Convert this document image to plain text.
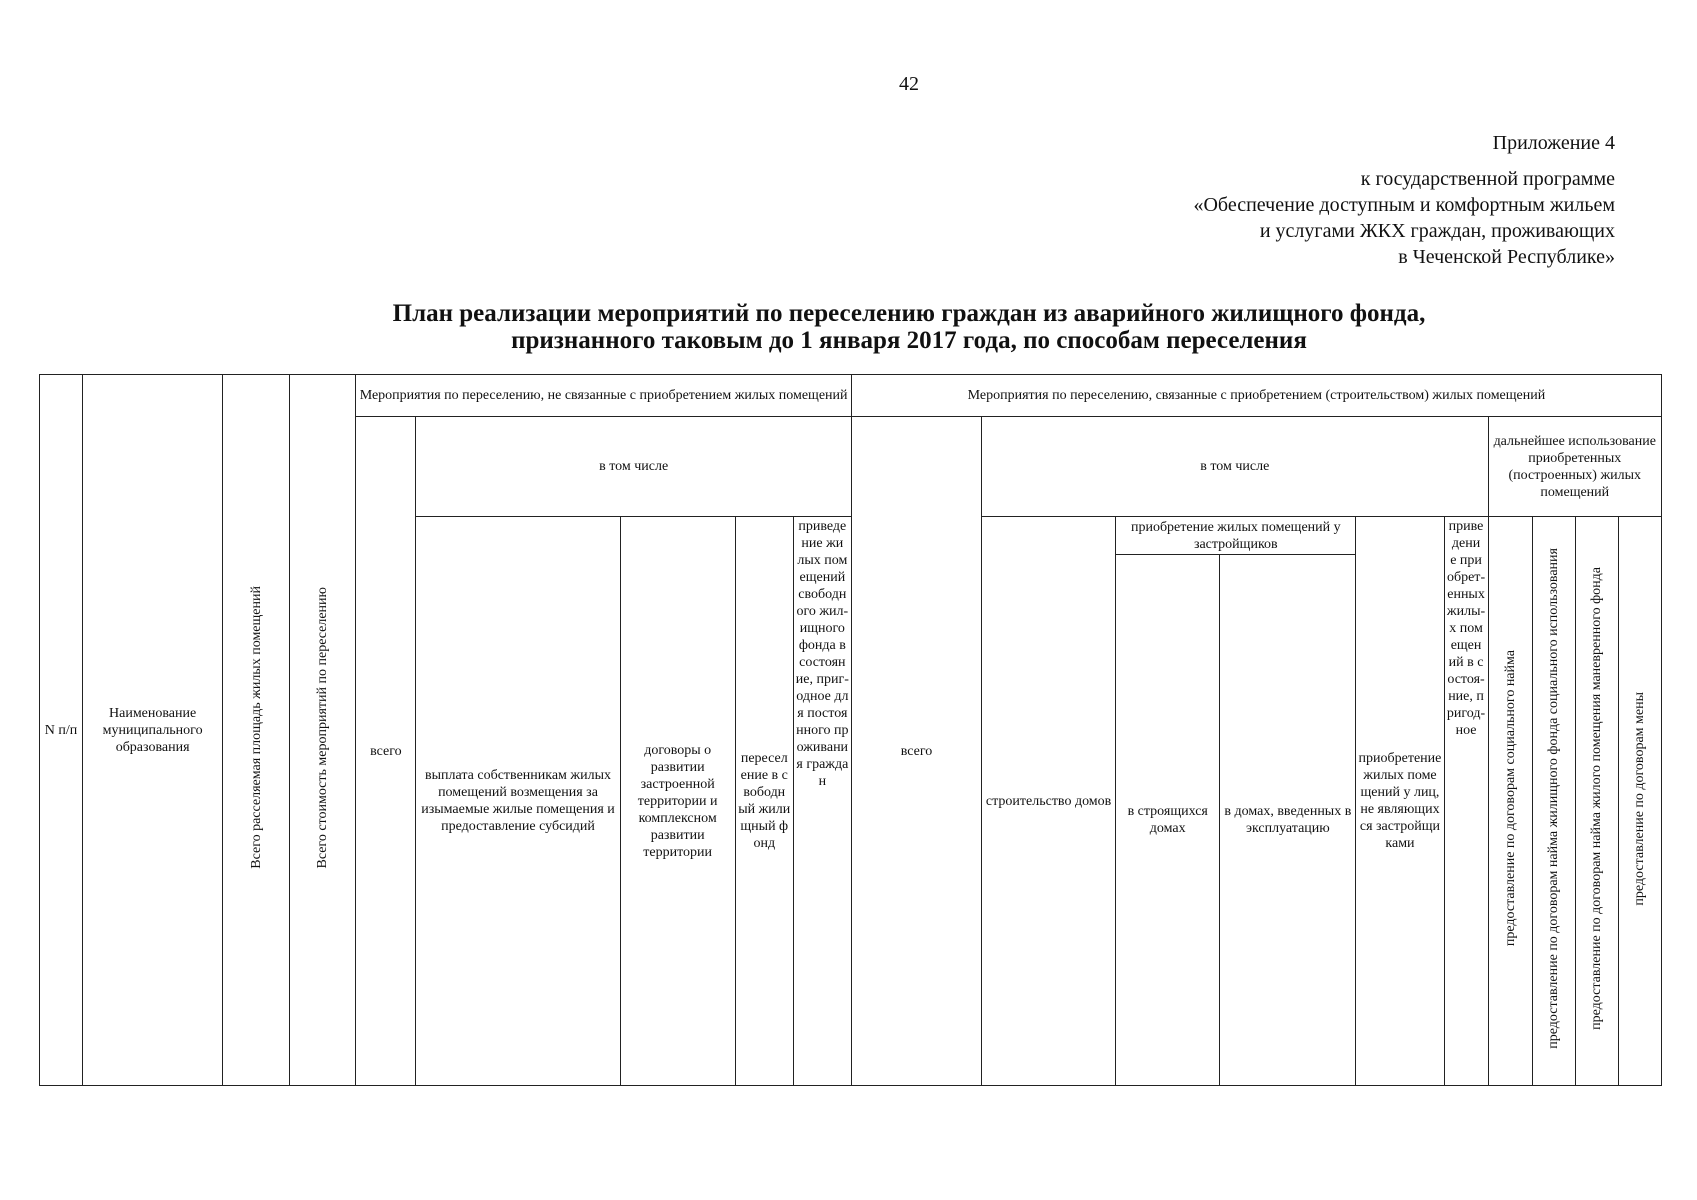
42
Приложение 4
к государственной программе
«Обеспечение доступным и комфортным жильем
и услугами ЖКХ граждан, проживающих
в Чеченской Республике»
План реализации мероприятий по переселению граждан из аварийного жилищного фонда,
признанного таковым до 1 января 2017 года, по способам переселения
N п/п	Наименование муниципального образования	Всего расселяемая площадь жилых помещений	Всего стоимость мероприятий по переселению	Мероприятия по переселению, не связанные с приобретением жилых помещений					Мероприятия по переселению, связанные с приобретением (строительством) жилых помещений									
				всего	в том числе				всего	в том числе					дальнейшее использование приобретенных (построенных) жилых помещений			
					выплата собственникам жилых помещений возмещения за изымаемые жилые помещения и предоставление субсидий	договоры о развитии застроенной территории и комплексном развитии территории	переселение в свободный жилищный фонд	приведение жилых помещений свободного жилищного фонда в состояние, пригодное для постоянного проживания граждан		строительство домов	приобретение жилых помещений у застройщиков		приобретение жилых помещений у лиц, не являющихся застройщиками	приведение приобретенных жилых помещений в состояние, пригодное	предоставление по договорам социального найма	предоставление по договорам найма жилищного фонда социального использования	предоставление по договорам найма жилого помещения маневренного фонда	предоставление по договорам мены
											в строящихся домах	в домах, введенных в эксплуатацию						
